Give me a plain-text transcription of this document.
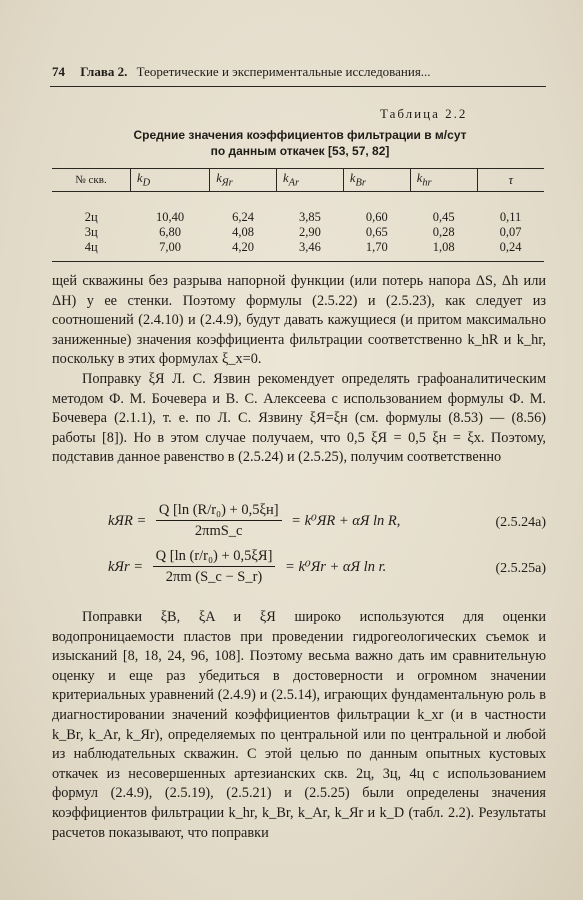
74 Глава 2. Теоретические и экспериментальные исследования...
Таблица 2.2
Средние значения коэффициентов фильтрации в м/сут
по данным откачек [53, 57, 82]
№ скв.	$k_D$	$k_{Яr}$	$k_{Ar}$	$k_{Br}$	$k_{hr}$	τ
2ц	10,40	6,24	3,85	0,60	0,45	0,11
3ц	6,80	4,08	2,90	0,65	0,28	0,07
4ц	7,00	4,20	3,46	1,70	1,08	0,24

щей скважины без разрыва напорной функции (или потерь напора ΔS, Δh или ΔH) у ее стенки. Поэтому формулы (2.5.22) и (2.5.23), как следует из соотношений (2.4.10) и (2.4.9), будут давать кажущиеся (и притом максимально заниженные) значения коэффициента фильтрации соответственно k_hR и k_hr, поскольку в этих формулах ξ_x=0.

Поправку ξЯ Л. С. Язвин рекомендует определять графоаналитическим методом Ф. М. Бочевера и В. С. Алексеева с использованием формулы Ф. М. Бочевера (2.1.1), т. е. по Л. С. Язвину ξЯ=ξн (см. формулы (8.53) — (8.56) работы [8]). Но в этом случае получаем, что 0,5 ξЯ = 0,5 ξн = ξx. Поэтому, подставив данное равенство в (2.5.24) и (2.5.25), получим соответственно

kЯR = $\frac{\text{Q [ln (R/r₀) + 0,5ξн]}}{\text{2πmS\_c}} = k^0ЯR + \alpha Я$ ln R,	(2.5.24a)
kЯr = $\frac{\text{Q [ln (r/r₀) + 0,5ξЯ]}}{2\pi m (S\_c - S\_r)} = k^0Яr + \alpha Я$ ln r.	(2.5.25a)

Поправки ξB, ξA и ξЯ широко используются для оценки водопроницаемости пластов при проведении гидрогеологических съемок и изысканий [8, 18, 24, 96, 108]. Поэтому весьма важно дать им сравнительную оценку и еще раз убедиться в достоверности и огромном значении критериальных уравнений (2.4.9) и (2.5.14), играющих фундаментальную роль в диагностировании значений коэффициентов фильтрации k_xr (и в частности k_Br, k_Ar, k_Яr), определяемых по центральной или по центральной и любой из наблюдательных скважин. С этой целью по данным опытных кустовых откачек из несовершенных артезианских скв. 2ц, 3ц, 4ц с использованием формул (2.4.9), (2.5.19), (2.5.21) и (2.5.25) были определены значения коэффициентов фильтрации k_hr, k_Br, k_Ar, k_Яr и k_D (табл. 2.2). Результаты расчетов показывают, что поправки
